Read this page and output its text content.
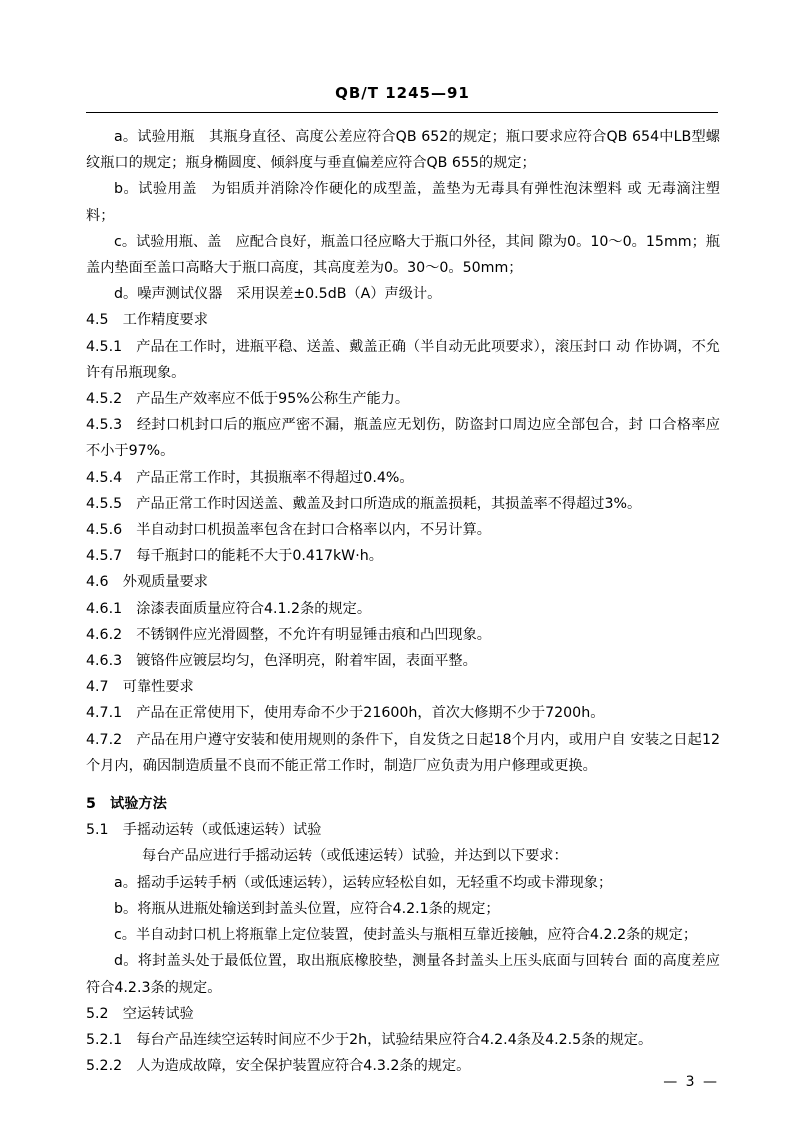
QB/T 1245—91

a。试验用瓶　其瓶身直径、高度公差应符合QB 652的规定；瓶口要求应符合QB 654中LB型螺纹瓶口的规定；瓶身椭圆度、倾斜度与垂直偏差应符合QB 655的规定；

b。试验用盖　为铝质并消除冷作硬化的成型盖，盖垫为无毒具有弹性泡沫塑料 或 无毒滴注塑料；

c。试验用瓶、盖　应配合良好，瓶盖口径应略大于瓶口外径，其间 隙为0。10～0。15mm；瓶盖内垫面至盖口高略大于瓶口高度，其高度差为0。30～0。50mm；

d。噪声测试仪器　采用误差±0.5dB（A）声级计。

4.5　工作精度要求

4.5.1　产品在工作时，进瓶平稳、送盖、戴盖正确（半自动无此项要求），滚压封口 动 作协调，不允许有吊瓶现象。

4.5.2　产品生产效率应不低于95%公称生产能力。

4.5.3　经封口机封口后的瓶应严密不漏，瓶盖应无划伤，防盗封口周边应全部包合，封 口合格率应不小于97%。

4.5.4　产品正常工作时，其损瓶率不得超过0.4%。

4.5.5　产品正常工作时因送盖、戴盖及封口所造成的瓶盖损耗，其损盖率不得超过3%。

4.5.6　半自动封口机损盖率包含在封口合格率以内，不另计算。

4.5.7　每千瓶封口的能耗不大于0.417kW·h。

4.6　外观质量要求

4.6.1　涂漆表面质量应符合4.1.2条的规定。

4.6.2　不锈钢件应光滑圆整，不允许有明显锤击痕和凸凹现象。

4.6.3　镀铬件应镀层均匀，色泽明亮，附着牢固，表面平整。

4.7　可靠性要求

4.7.1　产品在正常使用下，使用寿命不少于21600h，首次大修期不少于7200h。

4.7.2　产品在用户遵守安装和使用规则的条件下，自发货之日起18个月内，或用户自 安装之日起12个月内，确因制造质量不良而不能正常工作时，制造厂应负责为用户修理或更换。

5　试验方法

5.1　手摇动运转（或低速运转）试验

每台产品应进行手摇动运转（或低速运转）试验，并达到以下要求：

a。摇动手运转手柄（或低速运转），运转应轻松自如，无轻重不均或卡滞现象；

b。将瓶从进瓶处输送到封盖头位置，应符合4.2.1条的规定；

c。半自动封口机上将瓶靠上定位装置，使封盖头与瓶相互靠近接触，应符合4.2.2条的规定；

d。将封盖头处于最低位置，取出瓶底橡胶垫，测量各封盖头上压头底面与回转台 面的高度差应符合4.2.3条的规定。

5.2　空运转试验

5.2.1　每台产品连续空运转时间应不少于2h，试验结果应符合4.2.4条及4.2.5条的规定。

5.2.2　人为造成故障，安全保护装置应符合4.3.2条的规定。

— 3 —
